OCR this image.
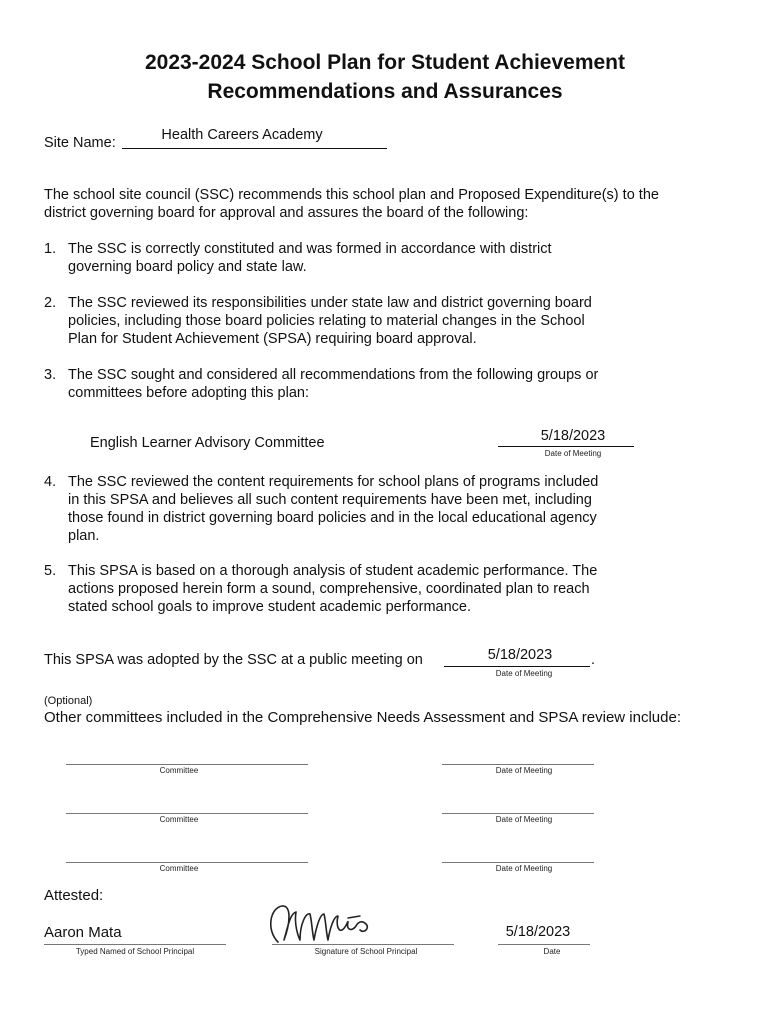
2023-2024 School Plan for Student Achievement
Recommendations and Assurances
Site Name:	Health Careers Academy
The school site council (SSC) recommends this school plan and Proposed Expenditure(s) to the
district governing board for approval and assures the board of the following:
1. The SSC is correctly constituted and was formed in accordance with district
governing board policy and state law.
2. The SSC reviewed its responsibilities under state law and district governing board
policies, including those board policies relating to material changes in the School
Plan for Student Achievement (SPSA) requiring board approval.
3. The SSC sought and considered all recommendations from the following groups or
committees before adopting this plan:
English Learner Advisory Committee	5/18/2023
Date of Meeting
4. The SSC reviewed the content requirements for school plans of programs included
in this SPSA and believes all such content requirements have been met, including
those found in district governing board policies and in the local educational agency
plan.
5. This SPSA is based on a thorough analysis of student academic performance. The
actions proposed herein form a sound, comprehensive, coordinated plan to reach
stated school goals to improve student academic performance.
This SPSA was adopted by the SSC at a public meeting on	5/18/2023	.
Date of Meeting
(Optional)
Other committees included in the Comprehensive Needs Assessment and SPSA review include:
Committee	Date of Meeting
Committee	Date of Meeting
Committee	Date of Meeting
Attested:
Aaron Mata
Typed Named of School Principal	Signature of School Principal
5/18/2023
Date
